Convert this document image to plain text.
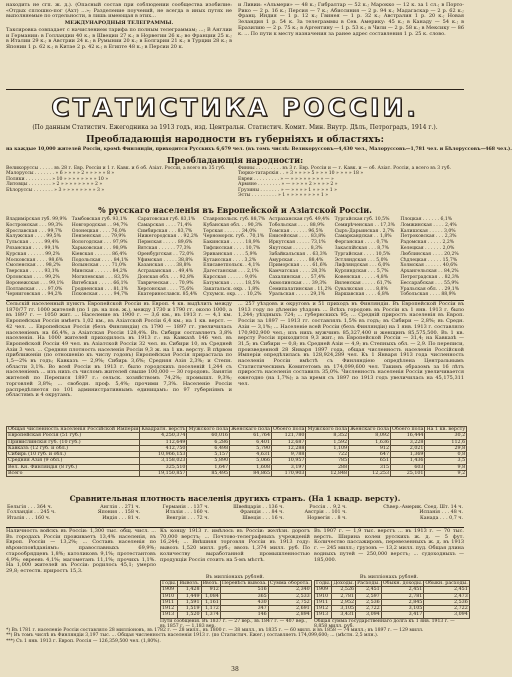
находить не сгп. ж. д.). (Опасный состав при соблюдении сообщества изобилие: «Отдых сплошно-пог (Ахт) ...»; Разделение поучений, не всегда в иных путях не выполняемые по отдельности, в лишь имеющая в этих...
МЕЖДУНАРОДНЫЯ ТЕЛЕГРАММЫ.
Таксировка совпадает с начислением тарифа по полным телеграммам; ...; В Англии и Германии: в Голландии 40 к.; в Швеции 27 к.; в Норвегии 26 к.; во Франции 25 к.; в Италии 29 к.; в Австрии 24 к.; в Румынии 20 к.; в Болгарии 21 к.; в Турции 28 к.; в Японии 1 р. 62 к.; в Китае 2 р. 42 к.; в Египте 48 к.; в Персии 20 к.
и Ливии: «Альмери» — 48 к.; Гибралтар — 52 к.; Марокко — 12 к. за 1 сл.; в Порто-Рико — 2 р. 16 к.; Персия — 7 к.; Абиссиния — 2 р. 94 к.; Мадагаскар — 2 р. 62 к.; Франц. Индия — 1 р. 12 к.; Гвинея — 1 р. 32 к.; Австралия 1 р. 20 к.; Новая Зеландия 1 р. 54 к. За телеграммы в Сев. Америку: 45 к.; в Канаду — 54 к.; в Бразилию — 2 р. 75 к.; в Аргентину — 1 р. 53 к.; в Чили — 2 р. 58 к.; в Мексику — 86 к. ... По пути к месту назначения за ранее адрес составления 1 р. 25 к. слово.
СТАТИСТИКА РОССІИ.
(По данным Статистич. Ежегодника за 1913 годъ, изд. Центральн. Статистич. Комит. Мин. Внутр. Дѣлъ, Петроградъ, 1914 г.).
Преобладающія народности въ губерніяхъ и областяхъ:
на каждые 10,000 жителей Россіи, кромѣ Финляндіи, приходится Русскихъ 6,679 чел. (въ томъ числѣ: Великоруссовъ—4,430 чел., Малоруссовъ—1,781 чел. и Бѣлоруссовъ—468 чел.).
Преобладающія народности:
Великоруссы . . . . . въ 28 г. Евр. Россіи и 1 г. Кавк. и 6 об. Азіат. Россіи, а всего въ 35 губ.
Малоруссы . . . . . . . » 6 » » » » 2 » » » » » 8 »
Поляки . . . . . . . . . » 10 » » » » » » » » 10 »
Литовцы . . . . . . . . » 2 » » » » » » » » 2 »
Бѣлоруссы . . . . . . . » 3 » » » » » » » » 3 »
Финны . . . . . . . . . въ 3 г. Евр. Россіи и — г. Кавк. и — об. Азіат. Россіи, а всего въ 3 губ.
Тюрко-татарскія . . » 3 » » » » 5 » » » 10 » » » » 18 »
Евреи . . . . . . . . . » — » » » » » » » » — »
Армяне . . . . . . . . » — » » » » 2 » » » » 2 »
Грузины . . . . . . . » — » » » » 1 » » » » 1 »
Эсты . . . . . . . . . » 1 » » » » » » » » 1 »
% русскаго населенія въ Европейской и Азіатской Россіи.
Владимірская губ. 99,9%
Костромская . . . 99,3%
Ярославская . . . 99,7%
Калужская . . . . 99,5%
Тульская . . . . . 99,4%
Рязанская . . . . 99,1%
Курская . . . . . . 99,2%
Московская . . . . 98,6%
Смоленская . . . 98,2%
Тверская . . . . . 93,1%
Орловская . . . . 99,2%
Воронежская . . . 99,1%
Полтавская . . . . 97,0%
Черниговская . . 94,2%
Тамбовская губ. 93,1%
Новгородская . . 94,7%
Олонецкая . . . . 76,0%
Пензенская . . . 79,9%
Вологодская . . . 97,9%
Харьковская . . . 98,9%
Кіевская . . . . . . 86,4%
Подольская . . . . 84,1%
Волынская . . . . 71,0%
Минская . . . . . . 84,2%
Могилевская . . . 83,5%
Витебская . . . . . 66,1%
Гродненская . . . 81,1%
Псковская . . . . . 94,7%
Саратовская губ. 83,1%
Самарская . . . . 71,4%
Симбирская . . . 83,7%
Нижегородская . . 92,2%
Пермская . . . . . 89,6%
Вятская . . . . . . 77,3%
Оренбургская . . 72,0%
Уфимская . . . . . 38,8%
Казанская . . . . 38,8%
Астраханская . . 49,4%
Донская обл. . . . 92,8%
Таврическая . . . 70,9%
Херсонская . . . . 75,6%
Екатеринославск. 85,4%
Ставропольск. губ. 88,7%
Кубанская обл. . . 90,3%
Терская . . . . . . 34,0%
Черноморск. губ. . 70,1%
Бакинская . . . . . 18,9%
Тифлисская . . . . 10,7%
Эриванская . . . . 5,9%
Кутаисская . . . . 3,2%
Елисаветпольск. . 4,1%
Дагестанская . . . 2,1%
Карсская . . . . . . 9,0%
Батумская . . . . . 18,5%
Закатальск. окр. . 1,8%
Сухумск. окр. . . . 10,2%
Астраханская губ. 49,4%
Тобольская . . . . 88,9%
Томская . . . . . . 96,5%
Енисейская . . . . 83,8%
Иркутская . . . . . 73,1%
Якутская . . . . . . 8,3%
Забайкальская . . 63,3%
Амурская . . . . . 88,4%
Приморская . . . . 61,6%
Камчатская . . . . 28,3%
Сахалинская . . . 57,4%
Акмолинская . . . 39,3%
Семипалатинская . 11,2%
Уральская . . . . . 29,1%
Тургайская губ. 10,5%
Семирѣченская . . 17,3%
Сыръ-Дарьинская . 2,7%
Самаркандская . . 1,8%
Ферганская . . . . 0,7%
Закаспійская . . . 8,7%
Тургайская . . . . 10,5%
Эстляндская . . . 5,0%
Лифляндская . . . 6,0%
Курляндская . . . 5,7%
Ковенская . . . . . 4,8%
Виленская . . . . . 61,7%
Сувалкская . . . . 8,8%
Варшавская . . . . 6,8%
Плоцкая . . . . . . 6,1%
Ломжинская . . . . 2,4%
Калишская . . . . . 3,0%
Петроковская . . . 2,3%
Радомская . . . . . 2,2%
Келецкая . . . . . . 2,0%
Люблинская . . . . 20,2%
Сѣдлецкая . . . . . 15,7%
Холмская . . . . . . 40,6%
Архангельская . . 84,2%
Петроградская . . 82,3%
Бессарабская . . . 55,9%
Уральская обл. . . 29,1%
Тобольская . . . . 88,9%
Сельскій населенный пунктъ Европейской Россіи въ Европ. 4 кв. выдѣлить между 1870/77 гг. 1000 жителей (по 1 дв. на пов. ж.), между 1730 и 1790 гг. около 1000, а въ 1897 г. — 1050 жит. ... Население въ 1900 г. — 3,6 км., въ 1913 г. — 4,1 км. Европейская Россія имѣетъ 1,02 км., въ Азіатской Россіи 6,4 км.; на 1 кв. верст. — 42 чел. ... Европейская Россія (безъ Финляндіи) съ 1790 — 1897 гг. увеличилась населеніемъ на 66,4%, а Азіатская Россія 128,4%. Въ Сибири составляетъ 3,8% населенія. На 1000 жителей приходилось въ 1913 г.: на Кавказѣ 146 чел. въ Европейской Россіи 49 чел. въ Азіатской Россіи 32 чел. въ Сибири 10, въ Средней Азіи 3 чел. ... Средняя плотность населенія Россіи 9,3 ж. на 1 кв. версту. В пѣрвом приближеніи (по отношенію къ числу годовъ) Европейская Россія прирастала по 1,5—2% въ годъ; Кавказъ — 2,9%; Сибирь 3,6%; Средняя Азія 2,3%; и Степн. области 3,1%. Во всей Россіи въ 1913 г. было городскихъ поселеній 1,244 съ населеніемъ ... изъ нихъ съ числомъ жителей свыше 100,000 — 30 городовъ. Занятія жителей по Перепися 1897 г.: сельск. хозяйствомъ 74,2%; промышл. 9,3%; торговлей 3,8%; ... свободн. проф. 5,4%; прочими 7,3%. Населеніе Россіи распредѣляется по 101 административнымъ единицамъ: по 97 губерніямъ и областямъ и 4 округамъ.
... 257 уѣздовъ и округовъ и 51 приходъ въ Финляндіи. Въ Европейской Россіи въ 1913 году по дѣленію уѣздовъ ... Всѣхъ городовъ въ Россіи къ 1 янв. 1913 г. было 1,244; уѣздныхъ 724; ... губернскихъ 95; ... Средній приростъ населенія въ Европ. Россіи за 1897 — 1913 гг. составлялъ 1,5% въ годъ; въ Сибири — 2,8%; въ Средн. Азіи — 3,1%; ... Населеніе всей Россіи (безъ Финляндіи) на 1 янв. 1913 г. составляло 170,902,900 чел.; изъ нихъ мужчинъ 85,327,400 и женщинъ 85,575,500. Въ 1 кв. версту Россіи приходится 9,3 жит.; въ Европейской Россіи — 31,4; на Кавказѣ — 31,5; въ Сибири — 0,8; въ Средней Азіи — 4,9; въ Степныхъ обл. — 2,9. По переписи, произведенной 28 Января 1897 года, общая численность населенія Россійской Имперіи опредѣлилась въ 128,924,289 чел. Къ 1 Января 1913 года численность населенія Россіи вмѣстѣ съ Финляндіею опредѣлена Центральнымъ Статистическимъ Комитетомъ въ 174,099,600 чел. Такимъ образомъ за 16 лѣтъ приростъ населенія составилъ 35,0%. Численность населенія Россіи увеличивается ежегодно (на 1,7%); а за время съ 1897 по 1913 годъ увеличилась на 45,175,311 чел.
Общая численность населенія Россійской Имперіи	Квадратн. верстъ	Мужского пола	Женскаго пола	Обоего пола	Мужского пола	Женскаго пола	Обоего пола	На 1 кв. версту
Европейская Россія (51 губ.)	4,250,374	60,016	61,764	121,780	8,352	8,092	16,444	30,2
Привислинскія губ. (10 губ.)	112,649	6,286	6,401	12,687	1,592	1,636	3,228	112,6
Кавказъ (12 губ. и обл.)	412,750	6,498	5,790	12,288	1,109	912	2,021	29,8
Сибирь (10 губ. и обл.)	10,966,153	5,157	4,631	9,788	722	647	1,369	0,8
Средняя Азія (9 обл.)	3,158,023	5,890	5,066	10,957	785	651	1,436	3,5
Вел. Кн. Финляндія (8 губ.)	325,510	1,647	1,608	3,197	288	315	603	9,8
Всего	19,150,857	85,495	84,865	170,903	12,848	12,253	25,101	9,2
Сравнительная плотность населенія другихъ странъ. (На 1 квадр. версту).
Бельгія . . . 364 ч.	Англія . . 271 ч.	Германія . . 137 ч.	Швейцарія . . 136 ч.	Россія . . 9,2 ч.	Сѣвер.-Америк. Соед. Шт. 14 ч.
Голландія . . 245 ч.	Япония . . 158 ч.	Италія . . . 160 ч.	Франція . . . 84 ч.	Австрія . . 101 ч.	Испанія . . . 48 ч.
Италія . . . 160 ч.	Индія . . . 81 ч.	Венгрія . . . 72 ч.	Швеція . . . 16 ч.	Норвегія . . 8 ч.	Канада . . . 0,7 ч.
Наличность войскъ въ Россіи: 1,300 тыс. общ. числ. ... Въ городахъ Россіи проживаетъ 13,4% населенія, въ Европ. Россіи — 13,2%; ... Составъ населенія по вѣроисповѣданіямъ: православныхъ 69,9%; старообрядцевъ 1,8%; католиковъ 9,1%; протестантовъ 4,9%; евреевъ 4,1%; магометанъ 11,1%; прочихъ 1,1%. На 1,000 жителей въ Россіи: родилось 45,1; умерло 29,8; естеств. приростъ 15,3.
Къ концу 1913 г. имѣлось въ Россіи: желѣзн. дорогъ 70,000 верстъ; ... Почтово-телеграфныхъ учрежденій 16,244; ... Внѣшняя торговля Россіи въ 1913 году: вывозъ 1,520 милл. руб.; ввозъ 1,374 милл. руб. По количеству выработанной промышленностью продукціи Россія стоитъ на 5-мъ мѣстѣ.
Въ 1907 г. — 1,9 тыс. верстъ ... въ 1913 г. — 70 тыс. верстъ. Ширина колеи русскихъ ж. д. — 5 фут. Количество пассажировъ, перевезенныхъ ж. д. въ 1913 г. — 245 милл.; грузовъ — 13,2 милл. пуд. Общая длина водныхъ путей — 250,000 верстъ; ... судоходныхъ — 185,000.
Въ милліонахъ рублей.
Годы.	Вывозъ.	Ввозъ.	Перевѣсъ вывоза.	Сумма оборота.
1909	1,428	912	516	2,340
1910	1,449	1,084	365	2,533
1911	1,591	1,161	430	2,752
1912	1,519	1,172	347	2,691
1913	1,520	1,374	146	2,894
Пути сообщенія. Въ 1837 г. — 27 вер., въ 1847 г. — 407 вер., въ 1857 г. — 1,183 вер.
Въ милліонахъ рублей.
Годы.	Доходы.	Расходы.	Обыкн. доходы.	Обыкн. расходы.
1909	2,526	2,451	2,451	2,451
1910	2,781	2,597	2,781	2,473
1911	2,952	2,536	2,845	2,536
1912	3,105	2,722	3,105	2,722
1913	3,431	3,094	3,417	3,094
Общая сумма государственнаго долга къ 1 янв. 1913 г. — 8,858 милл. руб.
*) Въ 1781 г. населеніе Россіи составляло 28 милліоновъ, въ 1782 г. — 28 милл., въ 1800 г. — 38 милл., въ 1835 г. — 60 милл. и въ 1858 — 74 милл.; въ 1897 г. — 129 милл.
**) Въ томъ числѣ въ Финляндіи 3,197 тыс. ... Общая численность населенія 1913 г. (по Статистич. Ежег.) составляетъ 174,099,600; ... (мѣстн. 2,5 млн.).
***) Съ 1 янв. 1913 г. Европ. Россія — 126,359,500 чел. (1,80%).
38
